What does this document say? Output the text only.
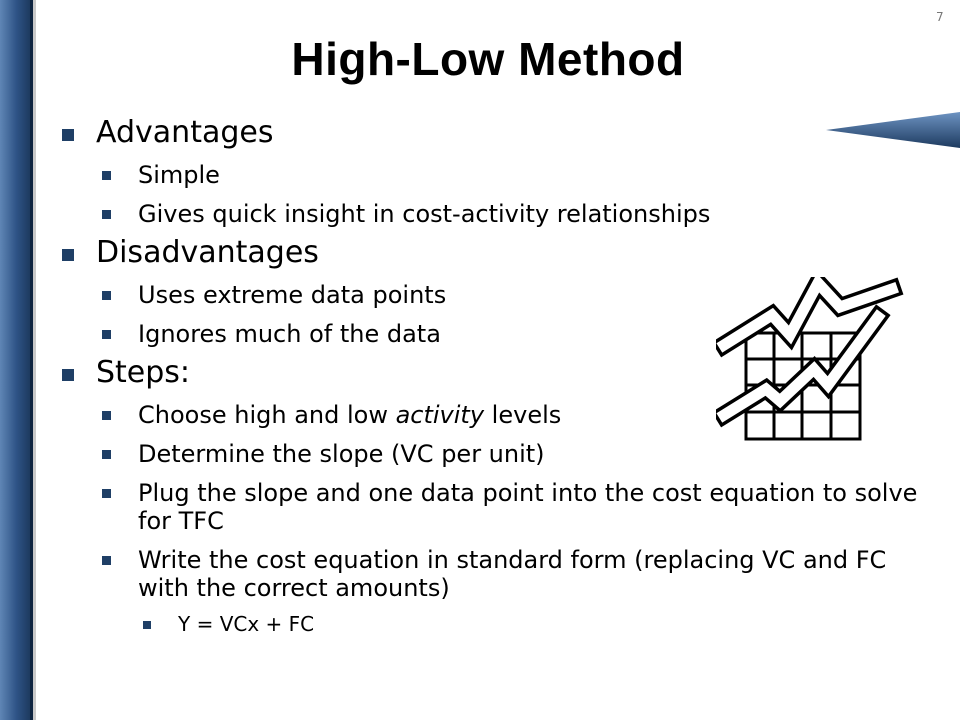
7
High-Low Method
Advantages
Simple
Gives quick insight in cost-activity relationships
Disadvantages
Uses extreme data points
Ignores much of the data
Steps:
Choose high and low activity levels
Determine the slope (VC per unit)
Plug the slope and one data point into the cost equation to solve for TFC
Write the cost equation in standard form (replacing VC and FC with the correct amounts)
Y = VCx + FC
